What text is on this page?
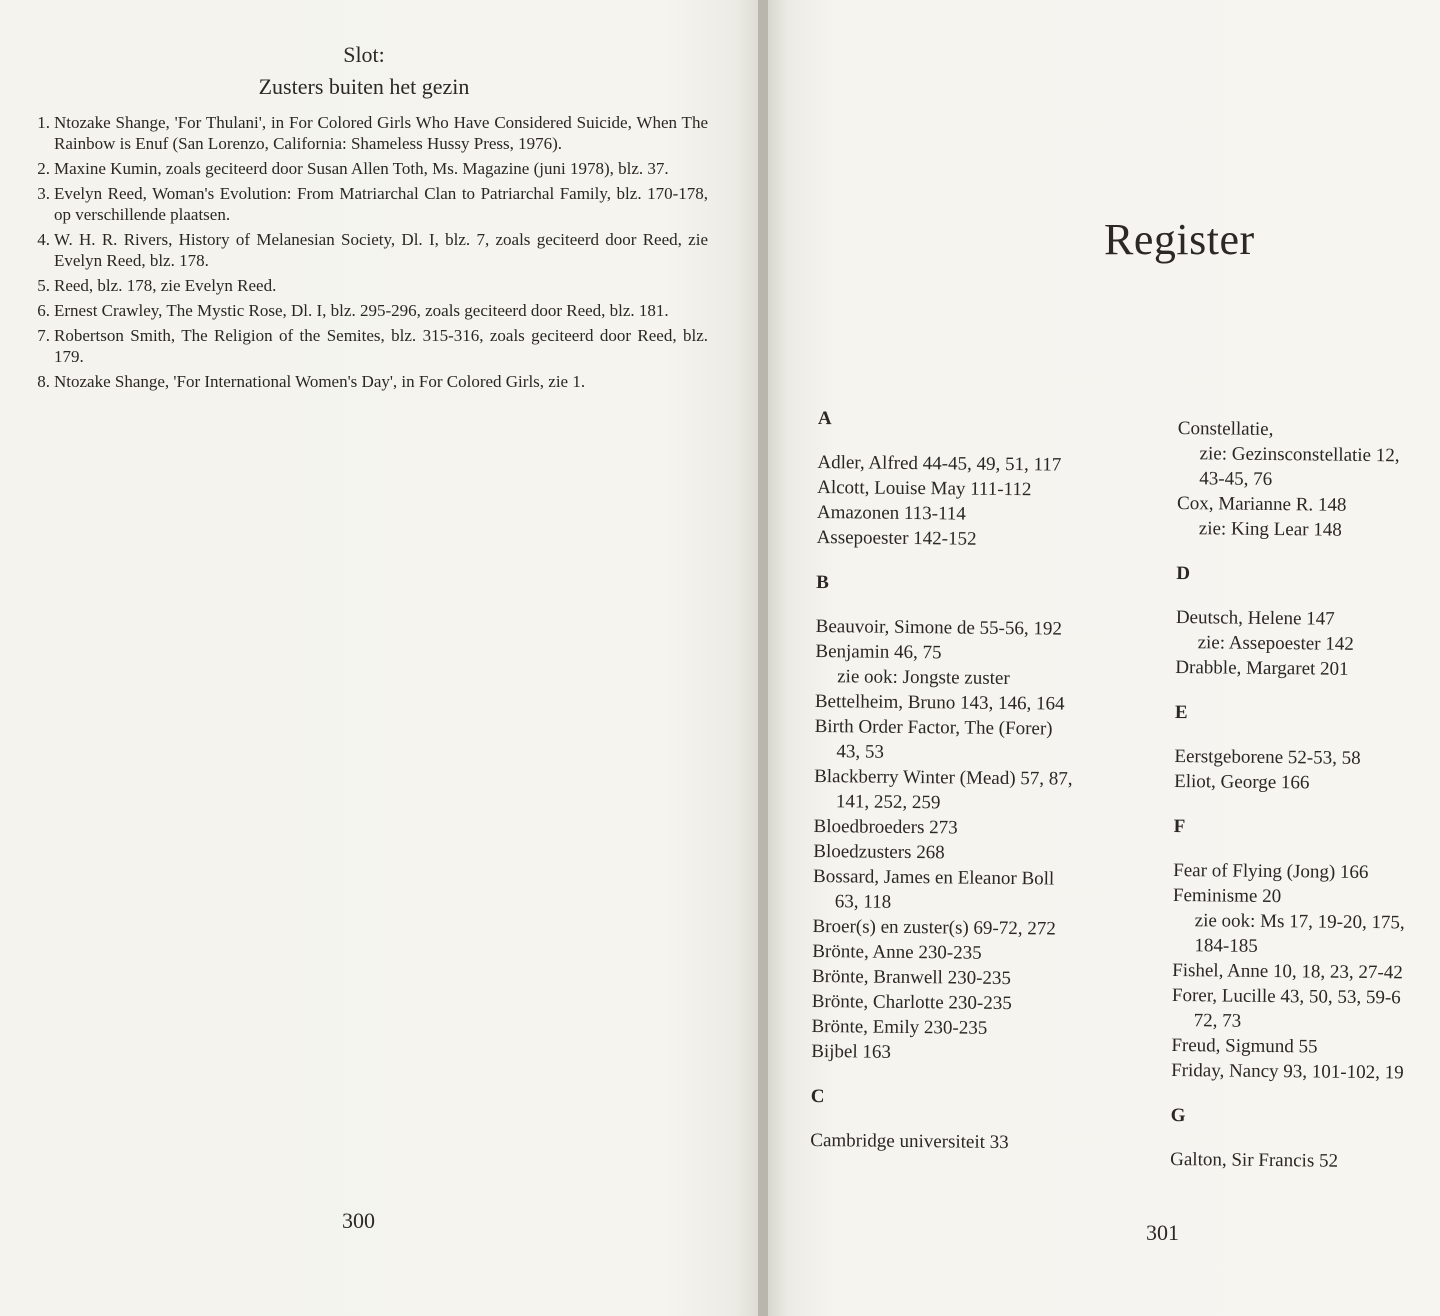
Slot:
Zusters buiten het gezin
1. Ntozake Shange, 'For Thulani', in For Colored Girls Who Have Considered Suicide, When The Rainbow is Enuf (San Lorenzo, California: Shameless Hussy Press, 1976).
2. Maxine Kumin, zoals geciteerd door Susan Allen Toth, Ms. Magazine (juni 1978), blz. 37.
3. Evelyn Reed, Woman's Evolution: From Matriarchal Clan to Patriarchal Family, blz. 170-178, op verschillende plaatsen.
4. W. H. R. Rivers, History of Melanesian Society, Dl. I, blz. 7, zoals geciteerd door Reed, zie Evelyn Reed, blz. 178.
5. Reed, blz. 178, zie Evelyn Reed.
6. Ernest Crawley, The Mystic Rose, Dl. I, blz. 295-296, zoals geciteerd door Reed, blz. 181.
7. Robertson Smith, The Religion of the Semites, blz. 315-316, zoals geciteerd door Reed, blz. 179.
8. Ntozake Shange, 'For International Women's Day', in For Colored Girls, zie 1.
300
Register
A
Adler, Alfred 44-45, 49, 51, 117
Alcott, Louise May 111-112
Amazonen 113-114
Assepoester 142-152
B
Beauvoir, Simone de 55-56, 192
Benjamin 46, 75
zie ook: Jongste zuster
Bettelheim, Bruno 143, 146, 164
Birth Order Factor, The (Forer)
43, 53
Blackberry Winter (Mead) 57, 87,
141, 252, 259
Bloedbroeders 273
Bloedzusters 268
Bossard, James en Eleanor Boll
63, 118
Broer(s) en zuster(s) 69-72, 272
Brönte, Anne 230-235
Brönte, Branwell 230-235
Brönte, Charlotte 230-235
Brönte, Emily 230-235
Bijbel 163
C
Cambridge universiteit 33
Constellatie,
zie: Gezinsconstellatie 12,
43-45, 76
Cox, Marianne R. 148
zie: King Lear 148
D
Deutsch, Helene 147
zie: Assepoester 142
Drabble, Margaret 201
E
Eerstgeborene 52-53, 58
Eliot, George 166
F
Fear of Flying (Jong) 166
Feminisme 20
zie ook: Ms 17, 19-20, 175,
184-185
Fishel, Anne 10, 18, 23, 27-42
Forer, Lucille 43, 50, 53, 59-6
72, 73
Freud, Sigmund 55
Friday, Nancy 93, 101-102, 19
G
Galton, Sir Francis 52
301
